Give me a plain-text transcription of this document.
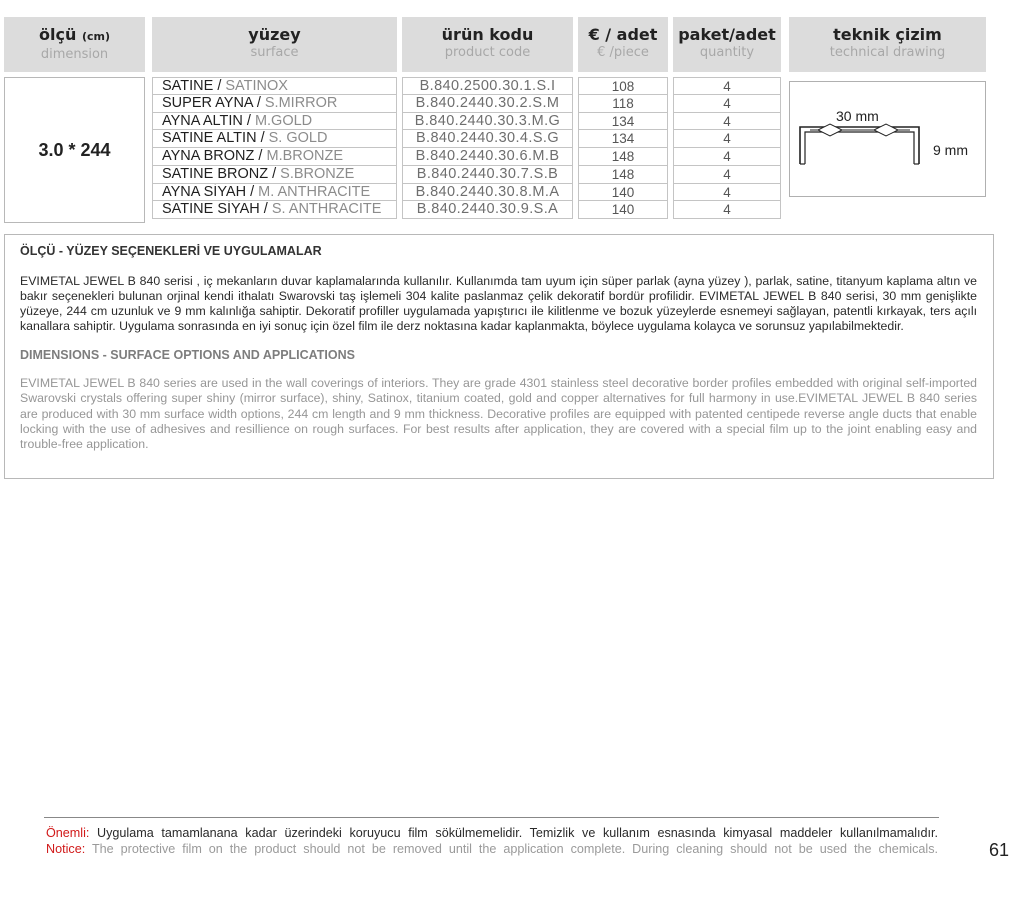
ölçü (cm)
dimension
yüzey
surface
ürün kodu
product code
€ / adet
€ /piece
paket/adet
quantity
teknik çizim
technical drawing
3.0 * 244
SATINE / SATINOX
SUPER AYNA / S.MIRROR
AYNA ALTIN / M.GOLD
SATINE ALTIN / S. GOLD
AYNA BRONZ / M.BRONZE
SATINE BRONZ / S.BRONZE
AYNA SİYAH / M. ANTHRACITE
SATINE SİYAH / S. ANTHRACITE
B.840.2500.30.1.S.I
B.840.2440.30.2.S.M
B.840.2440.30.3.M.G
B.840.2440.30.4.S.G
B.840.2440.30.6.M.B
B.840.2440.30.7.S.B
B.840.2440.30.8.M.A
B.840.2440.30.9.S.A
108
118
134
134
148
148
140
140
4
4
4
4
4
4
4
4
30 mm
9 mm
ÖLÇÜ - YÜZEY SEÇENEKLERİ VE UYGULAMALAR

EVIMETAL JEWEL B 840 serisi , iç mekanların duvar kaplamalarında kullanılır. Kullanımda tam uyum için süper parlak (ayna yüzey ), parlak, satine, titanyum kaplama altın ve bakır seçenekleri bulunan orjinal kendi ithalatı Swarovski taş işlemeli 304 kalite paslanmaz çelik dekoratif bordür profilidir. EVIMETAL JEWEL B 840 serisi, 30 mm genişlikte yüzeye, 244 cm uzunluk ve 9 mm kalınlığa sahiptir. Dekoratif profiller uygulamada yapıştırıcı ile kilitlenme ve bozuk yüzeylerde esnemeyi sağlayan, patentli kırkayak, ters açılı kanallara sahiptir. Uygulama sonrasında en iyi sonuç için özel film ile derz noktasına kadar kaplanmakta, böylece uygulama kolayca ve sorunsuz yapılabilmektedir.

DIMENSIONS - SURFACE OPTIONS AND APPLICATIONS

EVIMETAL JEWEL B 840 series are used in the wall coverings of interiors. They are grade 4301 stainless steel decorative border profiles embedded with original self-imported Swarovski crystals offering super shiny (mirror surface), shiny, Satinox, titanium coated, gold and copper alternatives for full harmony in use.EVIMETAL JEWEL B 840 series are produced with 30 mm surface width options, 244 cm length and 9 mm thickness. Decorative profiles are equipped with patented centipede reverse angle ducts that enable locking with the use of adhesives and resillience on rough surfaces. For best results after application, they are covered with a special film up to the joint enabling easy and trouble-free application.

Önemli: Uygulama tamamlanana kadar üzerindeki koruyucu film sökülmemelidir. Temizlik ve kullanım esnasında kimyasal maddeler kullanılmamalıdır.
Notice: The protective film on the product should not be removed until the application complete. During cleaning should not be used the chemicals.	61
